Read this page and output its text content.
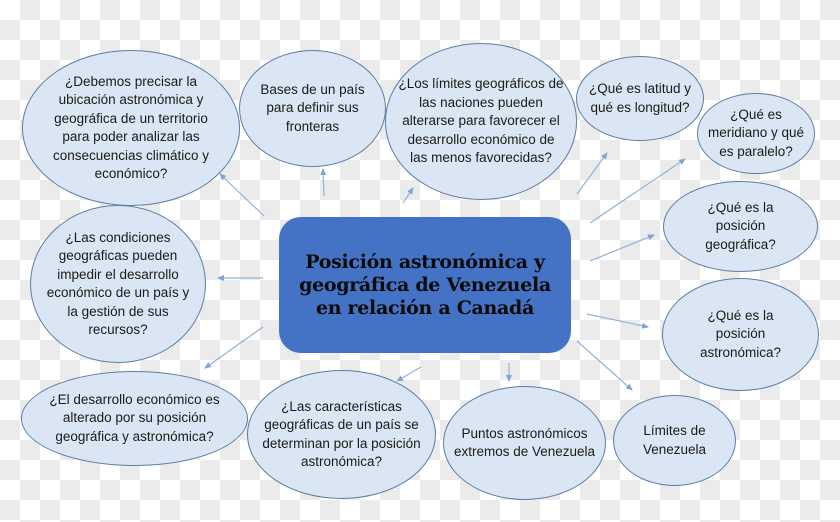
Posición astronómica y geográfica de Venezuela en relación a Canadá
¿Debemos precisar la ubicación astronómica y geográfica de un territorio para poder analizar las consecuencias climático y económico?
Bases de un país para definir sus fronteras
¿Los límites geográficos de las naciones pueden alterarse para favorecer el desarrollo económico de las menos favorecidas?
¿Qué es latitud y qué es longitud?	¿Qué es meridiano y qué es paralelo?
¿Qué es la posición geográfica?
¿Qué es la posición astronómica?
Límites de Venezuela
Puntos astronómicos extremos de Venezuela
¿Las características geográficas de un país se determinan por la posición astronómica?
¿El desarrollo económico es alterado por su posición geográfica y astronómica?
¿Las condiciones geográficas pueden impedir el desarrollo económico de un país y la gestión de sus recursos?
